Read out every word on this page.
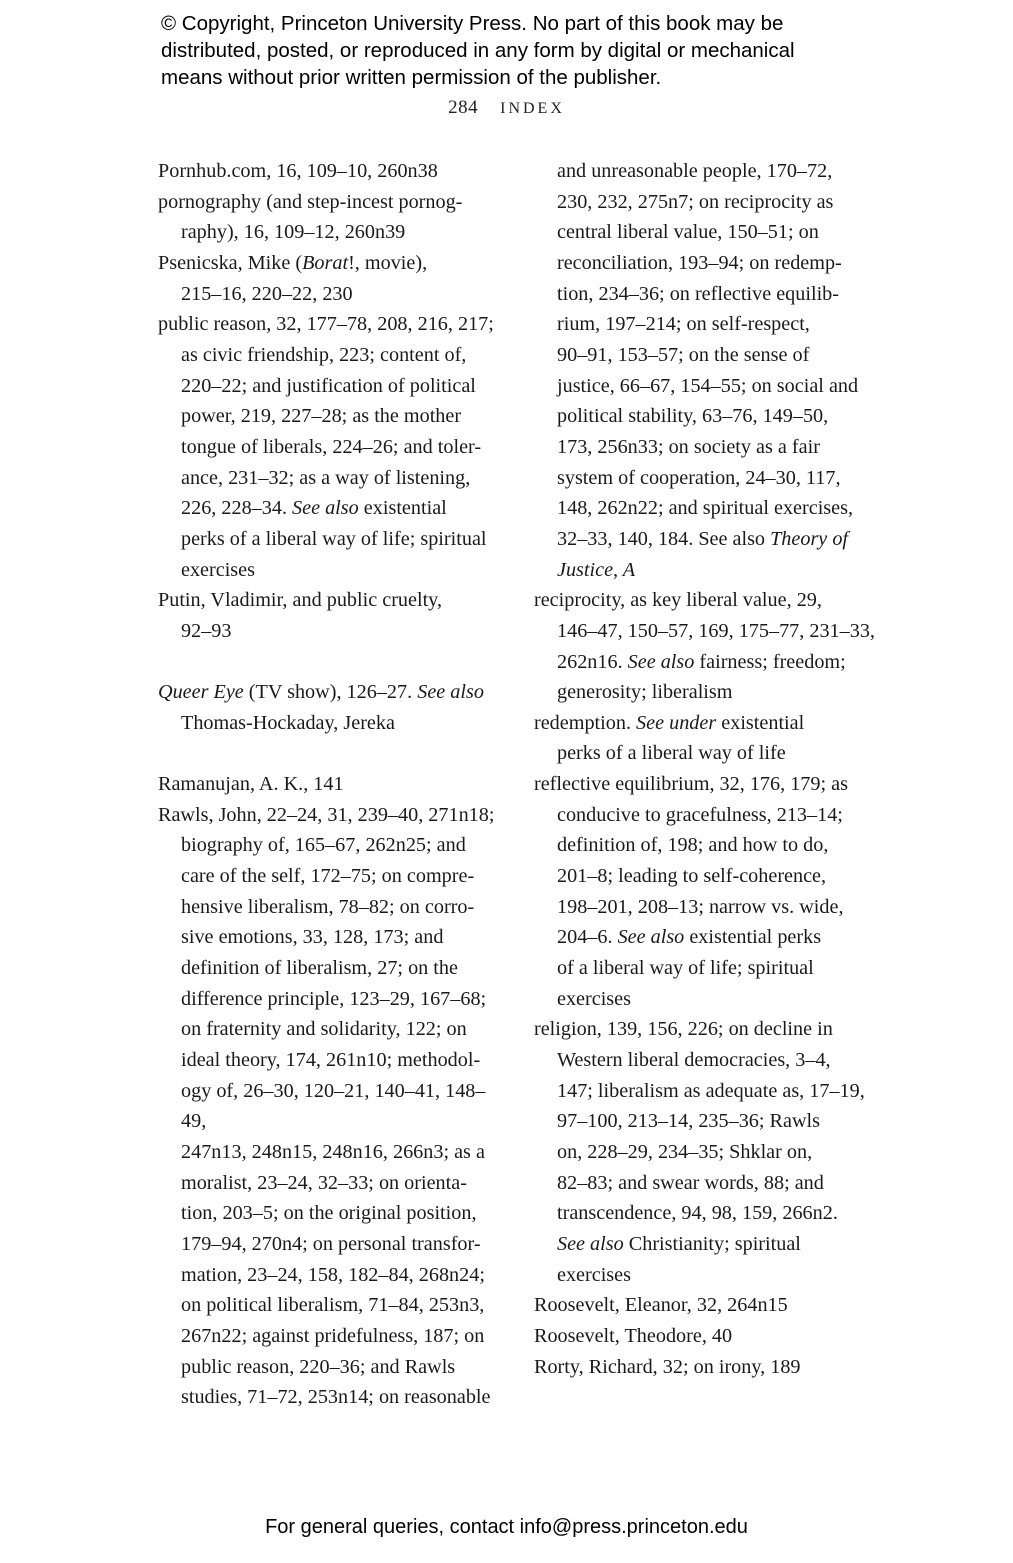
© Copyright, Princeton University Press. No part of this book may be
distributed, posted, or reproduced in any form by digital or mechanical
means without prior written permission of the publisher.
284 INDEX
Pornhub.com, 16, 109–10, 260n38
pornography (and step-incest pornog-
raphy), 16, 109–12, 260n39
Psenicska, Mike (Borat!, movie),
215–16, 220–22, 230
public reason, 32, 177–78, 208, 216, 217;
as civic friendship, 223; content of,
220–22; and justification of political
power, 219, 227–28; as the mother
tongue of liberals, 224–26; and toler-
ance, 231–32; as a way of listening,
226, 228–34. See also existential
perks of a liberal way of life; spiritual
exercises
Putin, Vladimir, and public cruelty,
92–93
Queer Eye (TV show), 126–27. See also
Thomas-Hockaday, Jereka
Ramanujan, A. K., 141
Rawls, John, 22–24, 31, 239–40, 271n18;
biography of, 165–67, 262n25; and
care of the self, 172–75; on compre-
hensive liberalism, 78–82; on corro-
sive emotions, 33, 128, 173; and
definition of liberalism, 27; on the
difference principle, 123–29, 167–68;
on fraternity and solidarity, 122; on
ideal theory, 174, 261n10; methodol-
ogy of, 26–30, 120–21, 140–41, 148–49,
247n13, 248n15, 248n16, 266n3; as a
moralist, 23–24, 32–33; on orienta-
tion, 203–5; on the original position,
179–94, 270n4; on personal transfor-
mation, 23–24, 158, 182–84, 268n24;
on political liberalism, 71–84, 253n3,
267n22; against pridefulness, 187; on
public reason, 220–36; and Rawls
studies, 71–72, 253n14; on reasonable
and unreasonable people, 170–72,
230, 232, 275n7; on reciprocity as
central liberal value, 150–51; on
reconciliation, 193–94; on redemp-
tion, 234–36; on reflective equilib-
rium, 197–214; on self-respect,
90–91, 153–57; on the sense of
justice, 66–67, 154–55; on social and
political stability, 63–76, 149–50,
173, 256n33; on society as a fair
system of cooperation, 24–30, 117,
148, 262n22; and spiritual exercises,
32–33, 140, 184. See also Theory of
Justice, A
reciprocity, as key liberal value, 29,
146–47, 150–57, 169, 175–77, 231–33,
262n16. See also fairness; freedom;
generosity; liberalism
redemption. See under existential
perks of a liberal way of life
reflective equilibrium, 32, 176, 179; as
conducive to gracefulness, 213–14;
definition of, 198; and how to do,
201–8; leading to self-coherence,
198–201, 208–13; narrow vs. wide,
204–6. See also existential perks
of a liberal way of life; spiritual
exercises
religion, 139, 156, 226; on decline in
Western liberal democracies, 3–4,
147; liberalism as adequate as, 17–19,
97–100, 213–14, 235–36; Rawls
on, 228–29, 234–35; Shklar on,
82–83; and swear words, 88; and
transcendence, 94, 98, 159, 266n2.
See also Christianity; spiritual
exercises
Roosevelt, Eleanor, 32, 264n15
Roosevelt, Theodore, 40
Rorty, Richard, 32; on irony, 189
For general queries, contact info@press.princeton.edu
